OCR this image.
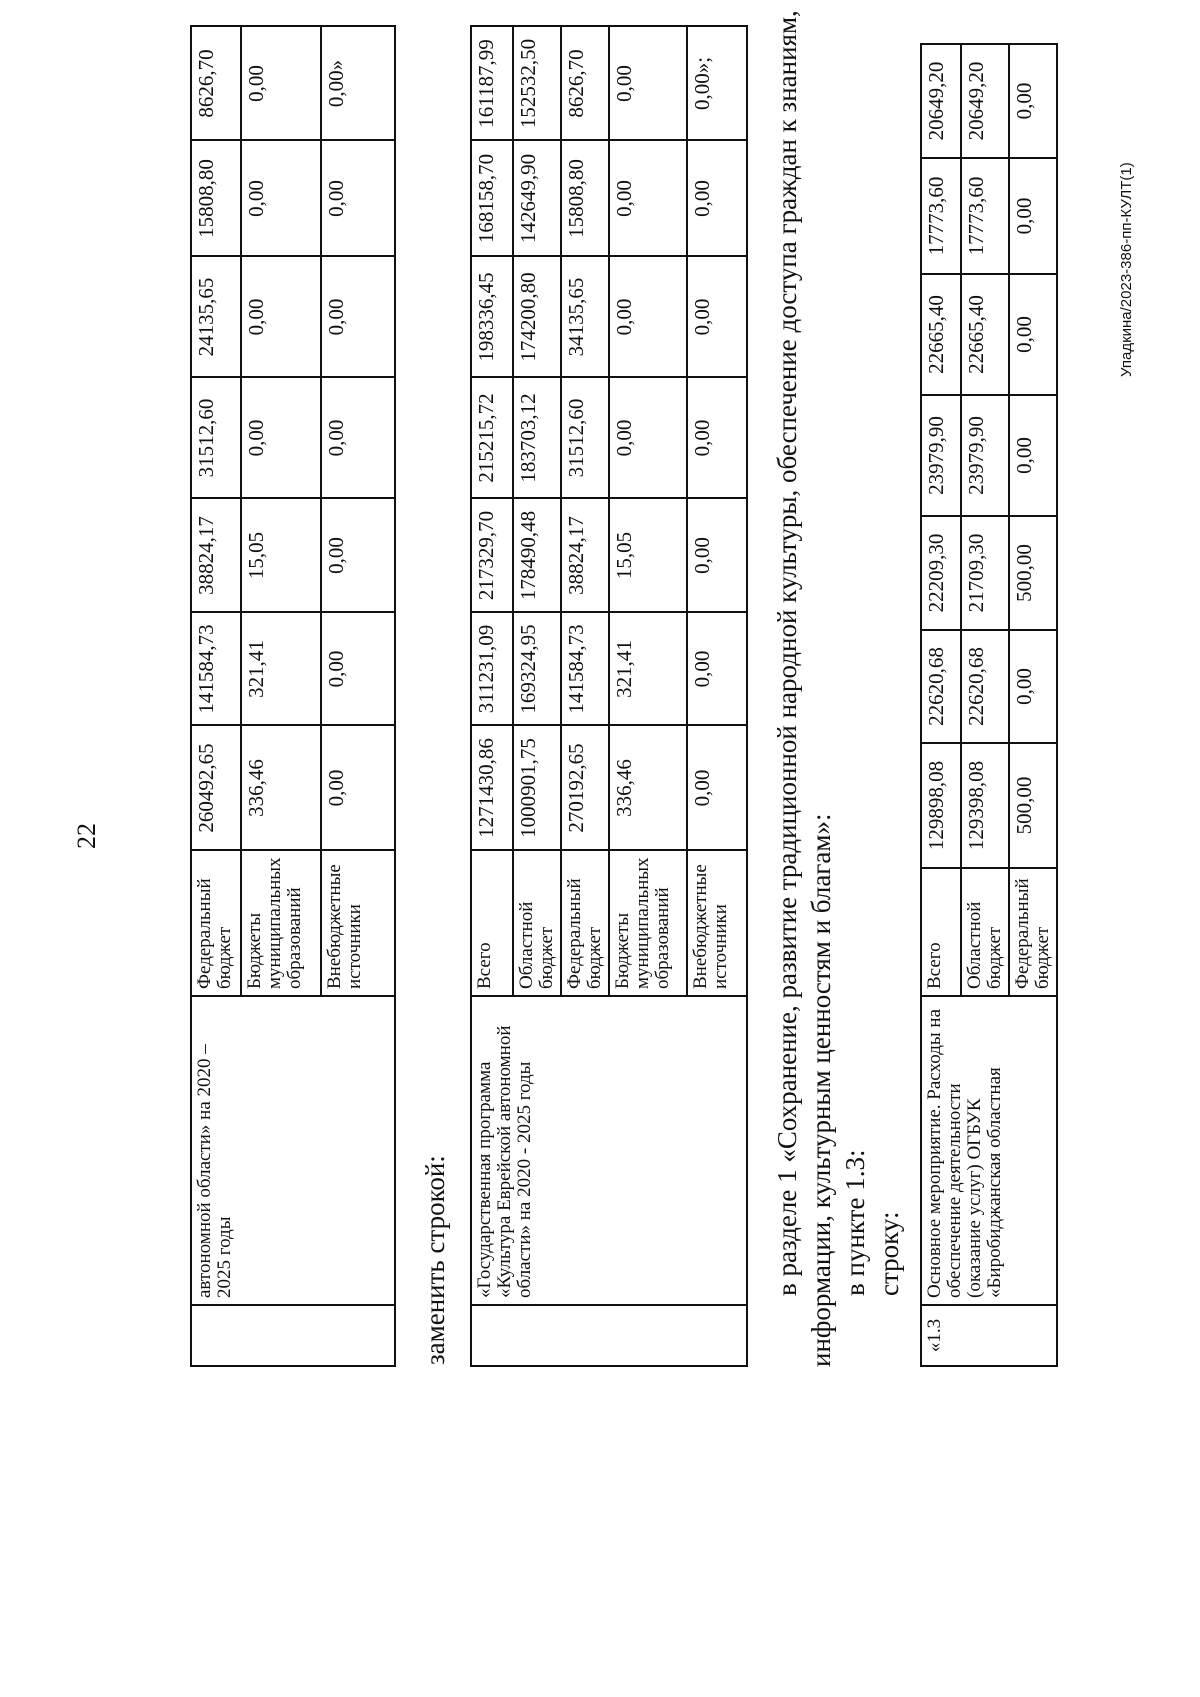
22
	автономной области» на 2020 – 2025 годы	Федеральный бюджет	260492,65	141584,73	38824,17	31512,60	24135,65	15808,80	8626,70
		Бюджеты муниципальных образований	336,46	321,41	15,05	0,00	0,00	0,00	0,00
		Внебюджетные источники	0,00	0,00	0,00	0,00	0,00	0,00	0,00»
заменить строкой:
	«Государственная программа «Культура Еврейской автономной области» на 2020 - 2025 годы	Всего	1271430,86	311231,09	217329,70	215215,72	198336,45	168158,70	161187,99
		Областной бюджет	1000901,75	169324,95	178490,48	183703,12	174200,80	142649,90	152532,50
		Федеральный бюджет	270192,65	141584,73	38824,17	31512,60	34135,65	15808,80	8626,70
		Бюджеты муниципальных образований	336,46	321,41	15,05	0,00	0,00	0,00	0,00
		Внебюджетные источники	0,00	0,00	0,00	0,00	0,00	0,00	0,00»; в разделе 1 «Сохранение, развитие традиционной народной культуры, обеспечение доступа граждан к знаниям, информации, культурным ценностям и благам»: в пункте 1.3: строку:
«1.3	Основное мероприятие. Расходы на обеспечение деятельности (оказание услуг) ОГБУК «Биробиджанская областная	Всего	129898,08	22620,68	22209,30	23979,90	22665,40	17773,60	20649,20
		Областной бюджет	129398,08	22620,68	21709,30	23979,90	22665,40	17773,60	20649,20
		Федеральный бюджет	500,00	0,00	500,00	0,00	0,00	0,00	0,00
Упадкина/2023-386-пп-КУЛТ(1)
